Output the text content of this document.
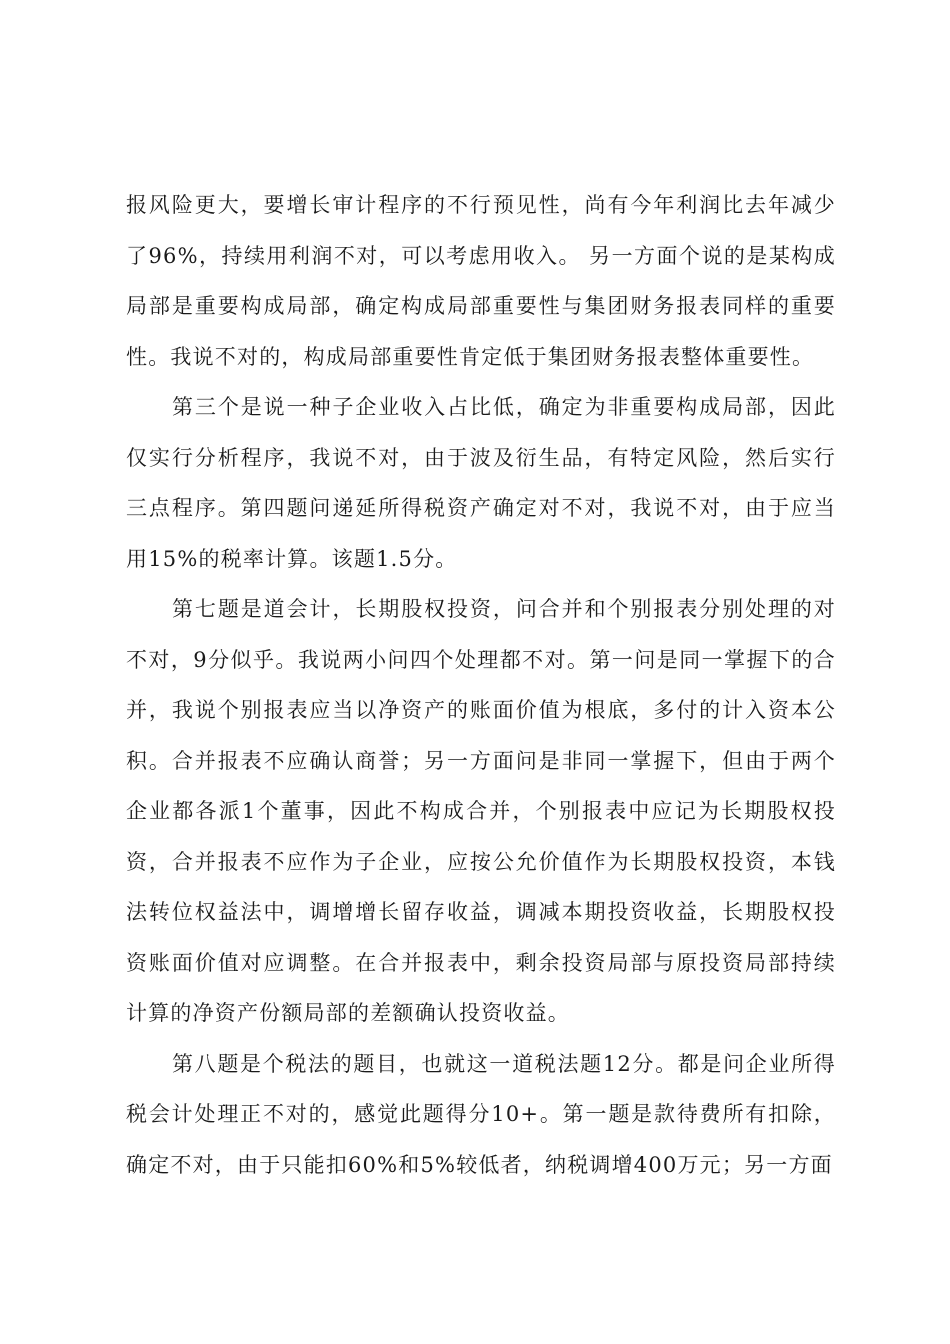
报风险更大，要增长审计程序的不行预见性，尚有今年利润比去年减少了96%，持续用利润不对，可以考虑用收入。 另一方面个说的是某构成局部是重要构成局部，确定构成局部重要性与集团财务报表同样的重要性。我说不对的，构成局部重要性肯定低于集团财务报表整体重要性。

第三个是说一种子企业收入占比低，确定为非重要构成局部，因此仅实行分析程序，我说不对，由于波及衍生品，有特定风险，然后实行三点程序。第四题问递延所得税资产确定对不对，我说不对，由于应当用15%的税率计算。该题1.5分。

第七题是道会计，长期股权投资，问合并和个别报表分别处理的对不对，9分似乎。我说两小问四个处理都不对。第一问是同一掌握下的合并，我说个别报表应当以净资产的账面价值为根底，多付的计入资本公积。合并报表不应确认商誉；另一方面问是非同一掌握下，但由于两个企业都各派1个董事，因此不构成合并，个别报表中应记为长期股权投资，合并报表不应作为子企业，应按公允价值作为长期股权投资，本钱法转位权益法中，调增增长留存收益，调减本期投资收益，长期股权投资账面价值对应调整。在合并报表中，剩余投资局部与原投资局部持续计算的净资产份额局部的差额确认投资收益。

第八题是个税法的题目，也就这一道税法题12分。都是问企业所得税会计处理正不对的，感觉此题得分10+。第一题是款待费所有扣除，确定不对，由于只能扣60%和5%较低者，纳税调增400万元；另一方面
